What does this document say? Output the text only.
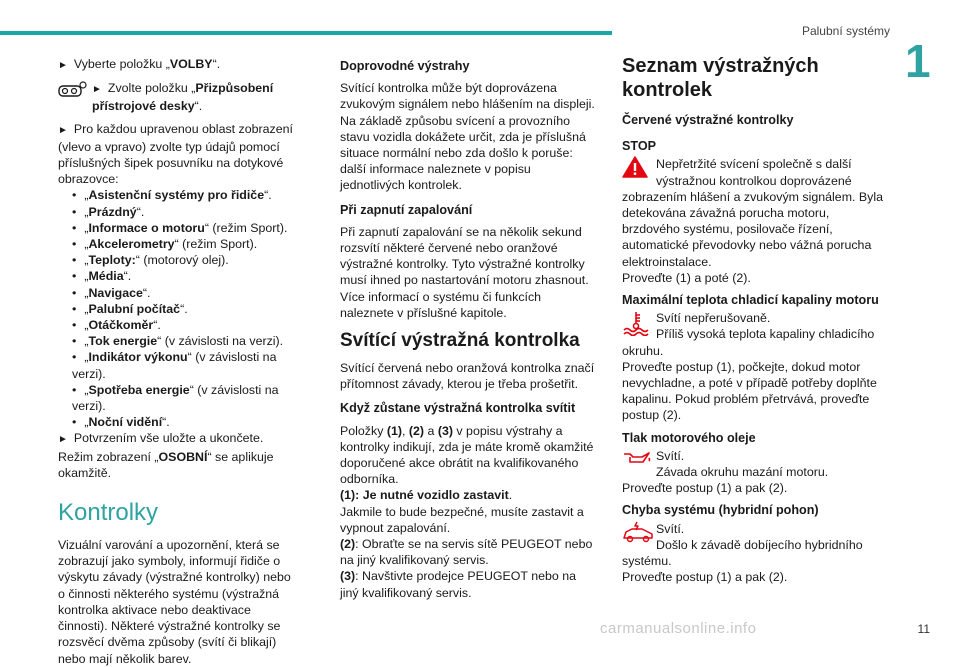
Palubní systémy
1

► Vyberte položku „VOLBY“.

► Zvolte položku „Přizpůsobení přístrojové desky“.

► Pro každou upravenou oblast zobrazení (vlevo a vpravo) zvolte typ údajů pomocí příslušných šipek posuvníku na dotykové obrazovce:

• „Asistenční systémy pro řidiče“.

• „Prázdný“.

• „Informace o motoru“ (režim Sport).

• „Akcelerometry“ (režim Sport).

• „Teploty:“ (motorový olej).

• „Média“.

• „Navigace“.

• „Palubní počítač“.

• „Otáčkoměr“.

• „Tok energie“ (v závislosti na verzi).

• „Indikátor výkonu“ (v závislosti na verzi).

• „Spotřeba energie“ (v závislosti na verzi).

• „Noční vidění“.

► Potvrzením vše uložte a ukončete.

Režim zobrazení „OSOBNÍ“ se aplikuje okamžitě.

Kontrolky

Vizuální varování a upozornění, která se zobrazují jako symboly, informují řidiče o výskytu závady (výstražné kontrolky) nebo o činnosti některého systému (výstražná kontrolka aktivace nebo deaktivace činnosti). Některé výstražné kontrolky se rozsvěcí dvěma způsoby (svítí či blikají) nebo mají několik barev.

Doprovodné výstrahy

Svítící kontrolka může být doprovázena zvukovým signálem nebo hlášením na displeji. Na základě způsobu svícení a provozního stavu vozidla dokážete určit, zda je příslušná situace normální nebo zda došlo k poruše: další informace naleznete v popisu jednotlivých kontrolek.

Při zapnutí zapalování

Při zapnutí zapalování se na několik sekund rozsvítí některé červené nebo oranžové výstražné kontrolky. Tyto výstražné kontrolky musí ihned po nastartování motoru zhasnout. Více informací o systému či funkcích naleznete v příslušné kapitole.

Svítící výstražná kontrolka

Svítící červená nebo oranžová kontrolka značí přítomnost závady, kterou je třeba prošetřit.

Když zůstane výstražná kontrolka svítit

Položky (1), (2) a (3) v popisu výstrahy a kontrolky indikují, zda je máte kromě okamžité doporučené akce obrátit na kvalifikovaného odborníka.

(1): Je nutné vozidlo zastavit.

Jakmile to bude bezpečné, musíte zastavit a vypnout zapalování.

(2): Obraťte se na servis sítě PEUGEOT nebo na jiný kvalifikovaný servis.

(3): Navštivte prodejce PEUGEOT nebo na jiný kvalifikovaný servis.

Seznam výstražných kontrolek

Červené výstražné kontrolky

STOP

Nepřetržité svícení společně s další výstražnou kontrolkou doprovázené

zobrazením hlášení a zvukovým signálem. Byla detekována závažná porucha motoru, brzdového systému, posilovače řízení, automatické převodovky nebo vážná porucha elektroinstalace.

Proveďte (1) a poté (2).

Maximální teplota chladicí kapaliny motoru

Svítí nepřerušovaně.

Příliš vysoká teplota kapaliny chladicího

okruhu.

Proveďte postup (1), počkejte, dokud motor nevychladne, a poté v případě potřeby doplňte kapalinu. Pokud problém přetrvává, proveďte postup (2).

Tlak motorového oleje

Svítí.

Závada okruhu mazání motoru.

Proveďte postup (1) a pak (2).

Chyba systému (hybridní pohon)

Svítí.

Došlo k závadě dobíjecího hybridního

systému.

Proveďte postup (1) a pak (2).

carmanualsonline.info	11
